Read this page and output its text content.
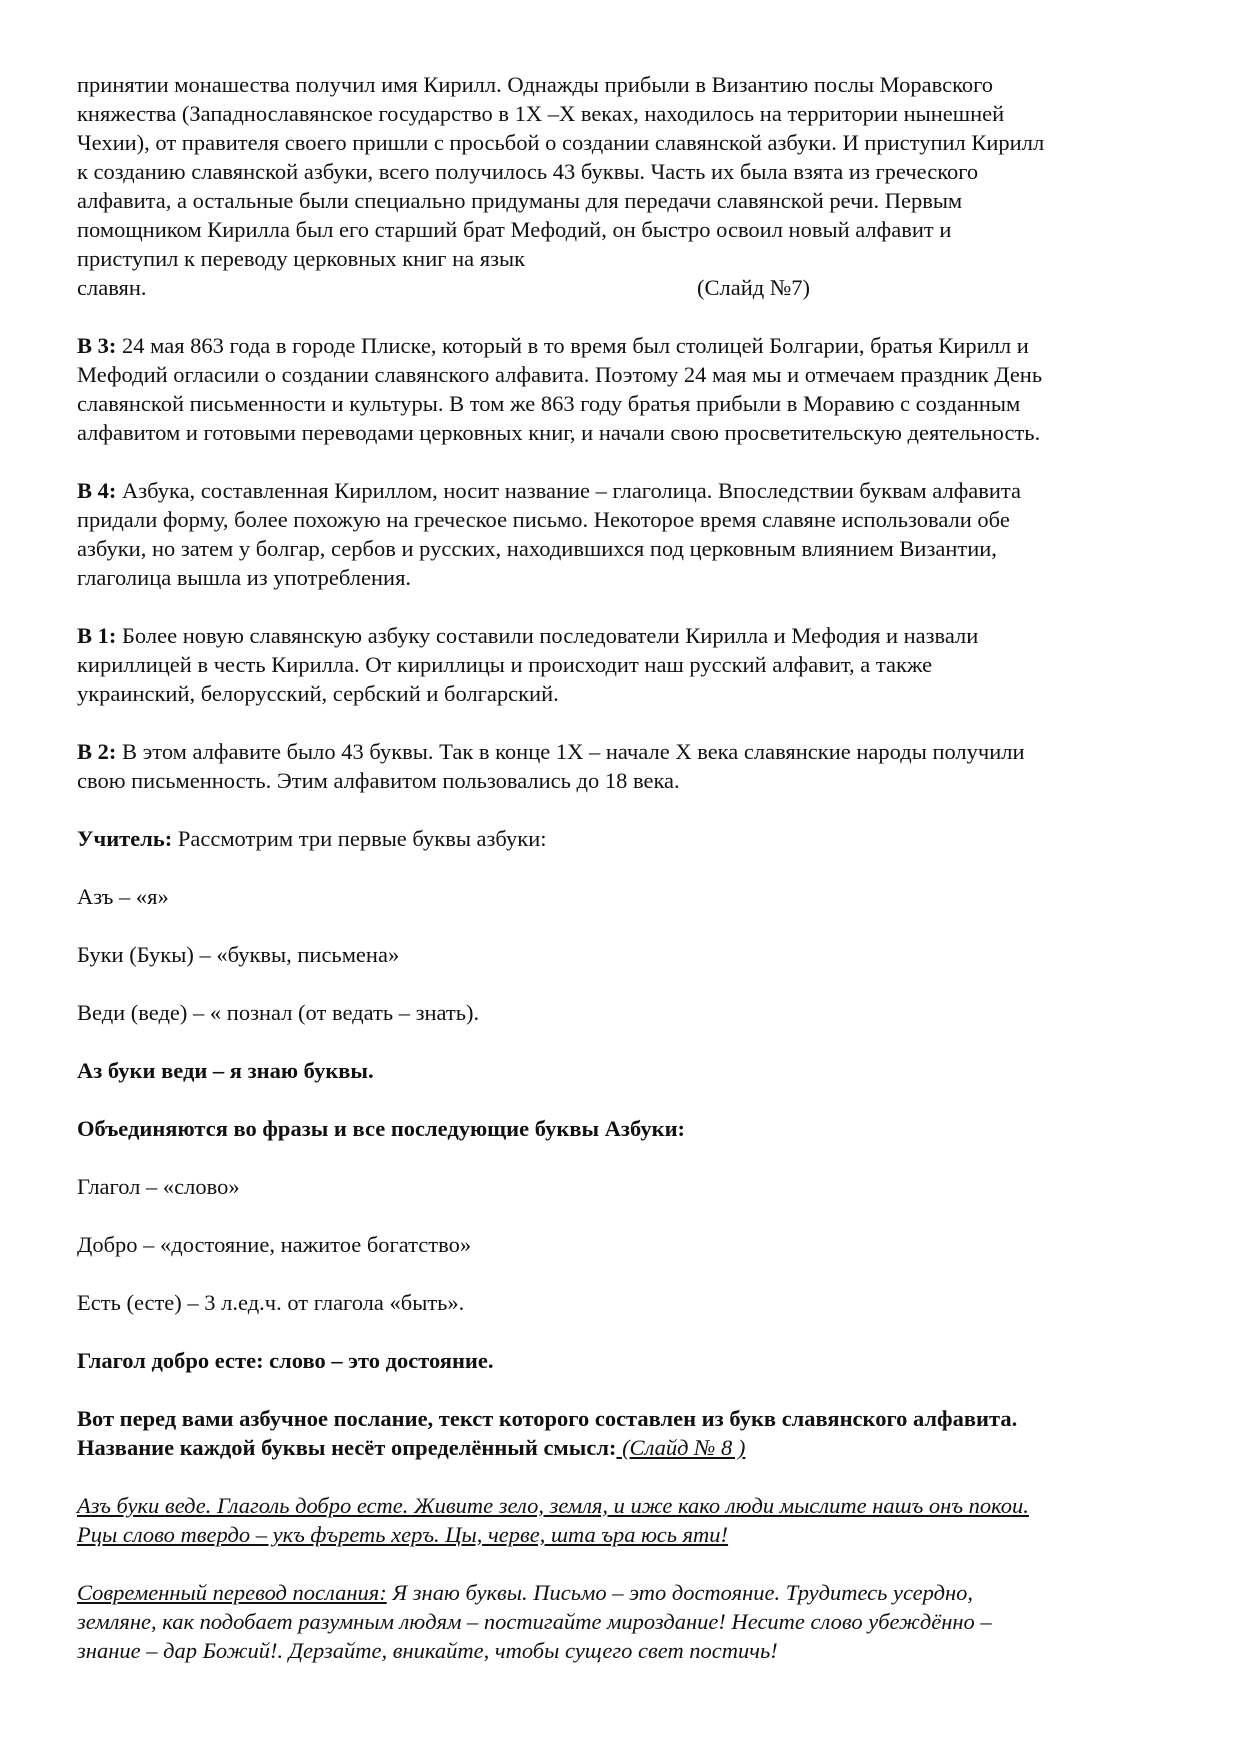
принятии монашества получил имя Кирилл. Однажды прибыли в Византию послы Моравского

княжества (Западнославянское государство в 1Х –Х веках, находилось на территории нынешней

Чехии), от правителя своего пришли с просьбой о создании славянской азбуки. И приступил Кирилл

к созданию славянской азбуки, всего получилось 43 буквы. Часть их была взята из греческого

алфавита, а остальные были специально придуманы для передачи славянской речи. Первым

помощником Кирилла был его старший брат Мефодий, он быстро освоил новый алфавит и

приступил к переводу церковных книг на язык

славян.	(Слайд №7)

В 3: 24 мая 863 года в городе Плиске, который в то время был столицей Болгарии, братья Кирилл и

Мефодий огласили о создании славянского алфавита. Поэтому 24 мая мы и отмечаем праздник День

славянской письменности и культуры. В том же 863 году братья прибыли в Моравию с созданным

алфавитом и готовыми переводами церковных книг, и начали свою просветительскую деятельность.

В 4: Азбука, составленная Кириллом, носит название – глаголица. Впоследствии буквам алфавита

придали форму, более похожую на греческое письмо. Некоторое время славяне использовали обе

азбуки, но затем у болгар, сербов и русских, находившихся под церковным влиянием Византии,

глаголица вышла из употребления.

В 1: Более новую славянскую азбуку составили последователи Кирилла и Мефодия и назвали

кириллицей в честь Кирилла. От кириллицы и происходит наш русский алфавит, а также

украинский, белорусский, сербский и болгарский.

В 2: В этом алфавите было 43 буквы. Так в конце 1Х – начале Х века славянские народы получили

свою письменность. Этим алфавитом пользовались до 18 века.

Учитель: Рассмотрим три первые буквы азбуки:

Азъ – «я»

Буки (Букы) – «буквы, письмена»

Веди (веде) – « познал (от ведать – знать).

Аз буки веди – я знаю буквы.

Объединяются во фразы и все последующие буквы Азбуки:

Глагол – «слово»

Добро – «достояние, нажитое богатство»

Есть (есте) – 3 л.ед.ч. от глагола «быть».

Глагол добро есте: слово – это достояние.

Вот перед вами азбучное послание, текст которого составлен из букв славянского алфавита.

Название каждой буквы несёт определённый смысл: (Слайд № 8 )

Азъ буки веде. Глаголь добро есте. Живите зело, земля, и иже како люди мыслите нашъ онъ покои.

Рцы слово твердо – укъ фъреть херъ. Цы, черве, шта ъра юсь яти!

Современный перевод послания: Я знаю буквы. Письмо – это достояние. Трудитесь усердно,

земляне, как подобает разумным людям – постигайте мироздание! Несите слово убеждённо –

знание – дар Божий!. Дерзайте, вникайте, чтобы сущего свет постичь!
